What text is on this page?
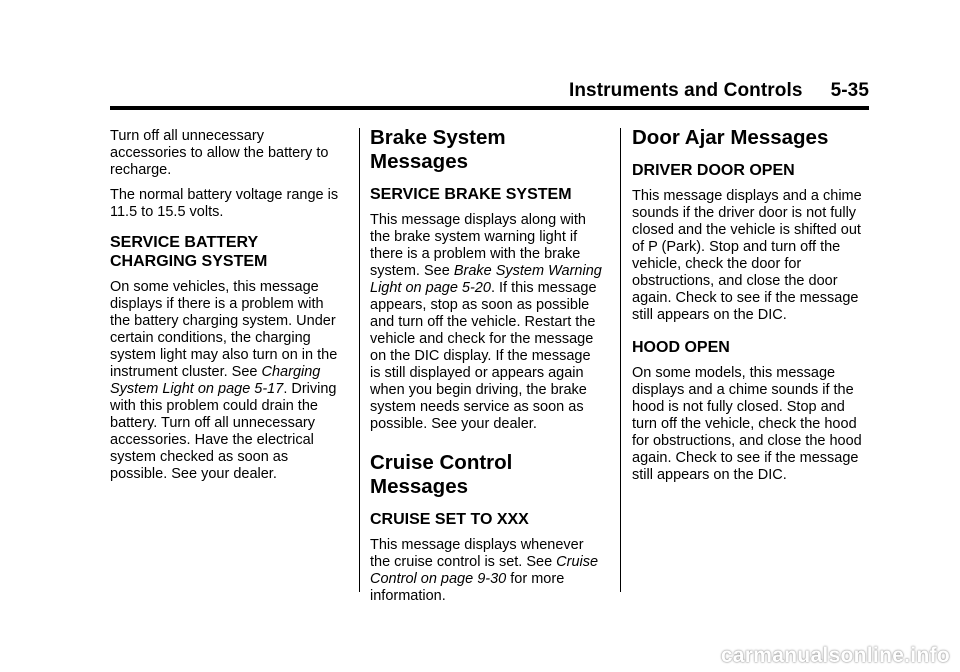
Instruments and Controls 5-35

Turn off all unnecessary accessories to allow the battery to recharge.

The normal battery voltage range is 11.5 to 15.5 volts.

SERVICE BATTERY CHARGING SYSTEM

On some vehicles, this message displays if there is a problem with the battery charging system. Under certain conditions, the charging system light may also turn on in the instrument cluster. See Charging System Light on page 5‑17. Driving with this problem could drain the battery. Turn off all unnecessary accessories. Have the electrical system checked as soon as possible. See your dealer.

Brake System Messages
SERVICE BRAKE SYSTEM

This message displays along with the brake system warning light if there is a problem with the brake system. See Brake System Warning Light on page 5‑20. If this message appears, stop as soon as possible and turn off the vehicle. Restart the vehicle and check for the message on the DIC display. If the message is still displayed or appears again when you begin driving, the brake system needs service as soon as possible. See your dealer.

Cruise Control Messages
CRUISE SET TO XXX

This message displays whenever the cruise control is set. See Cruise Control on page 9‑30 for more information.

Door Ajar Messages
DRIVER DOOR OPEN

This message displays and a chime sounds if the driver door is not fully closed and the vehicle is shifted out of P (Park). Stop and turn off the vehicle, check the door for obstructions, and close the door again. Check to see if the message still appears on the DIC.

HOOD OPEN

On some models, this message displays and a chime sounds if the hood is not fully closed. Stop and turn off the vehicle, check the hood for obstructions, and close the hood again. Check to see if the message still appears on the DIC.

carmanualsonline.info
